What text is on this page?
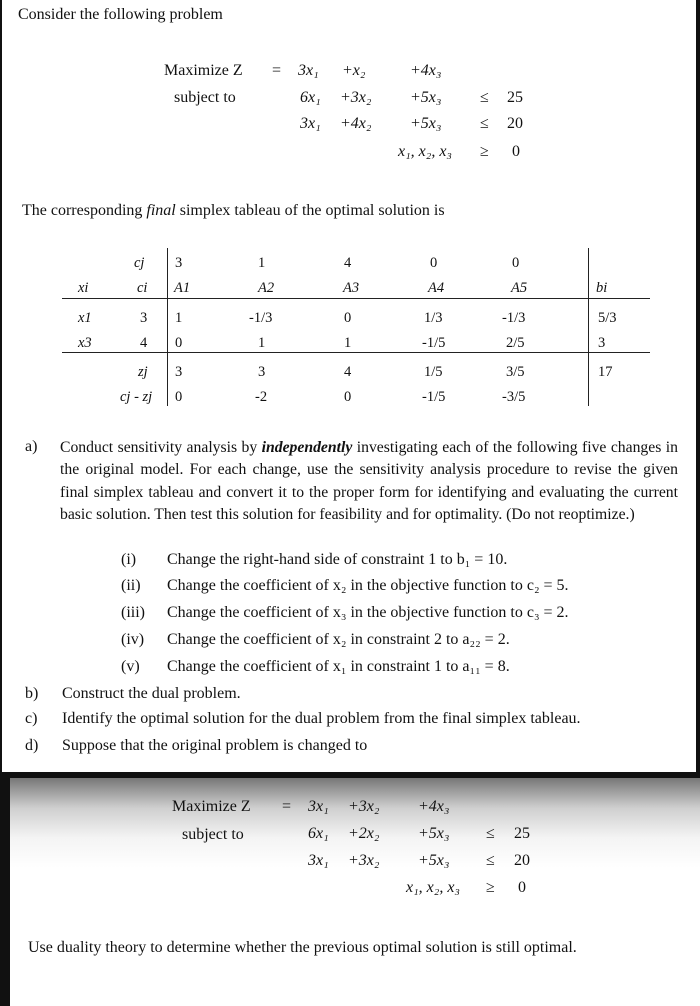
Consider the following problem
Maximize Z = 3x₁ +x₂	+4x₃
subject to	6x₁ +3x₂ +5x₃ ≤ 25
3x₁ +4x₂ +5x₃ ≤ 20
x₁, x₂, x₃ ≥ 0
The corresponding final simplex tableau of the optimal solution is
cj 3	1	4	0	0
xi	ci A1	A2	A3	A4	A5	bi
x1	3 1	-1/3	0	1/3	-1/3	5/3
x3	4 0	1	1	-1/5	2/5	3
zj 3	3	4	1/5	3/5	17
cj - zj 0	-2	0	-1/5	-3/5
a) Conduct sensitivity analysis by independently investigating each of the following five changes in the original model. For each change, use the sensitivity analysis procedure to revise the given final simplex tableau and convert it to the proper form for identifying and evaluating the current basic solution. Then test this solution for feasibility and for optimality. (Do not reoptimize.)
(i) Change the right-hand side of constraint 1 to b₁ = 10.
(ii) Change the coefficient of x₂ in the objective function to c₂ = 5.
(iii) Change the coefficient of x₃ in the objective function to c₃ = 2.
(iv) Change the coefficient of x₂ in constraint 2 to a₂₂ = 2.
(v) Change the coefficient of x₁ in constraint 1 to a₁₁ = 8.
b) Construct the dual problem.
c) Identify the optimal solution for the dual problem from the final simplex tableau.
d) Suppose that the original problem is changed to
Maximize Z = 3x₁ +3x₂ +4x₃
subject to	6x₁ +2x₂ +5x₃ ≤ 25
3x₁ +3x₂ +5x₃ ≤ 20
x₁, x₂, x₃ ≥ 0
Use duality theory to determine whether the previous optimal solution is still optimal.
